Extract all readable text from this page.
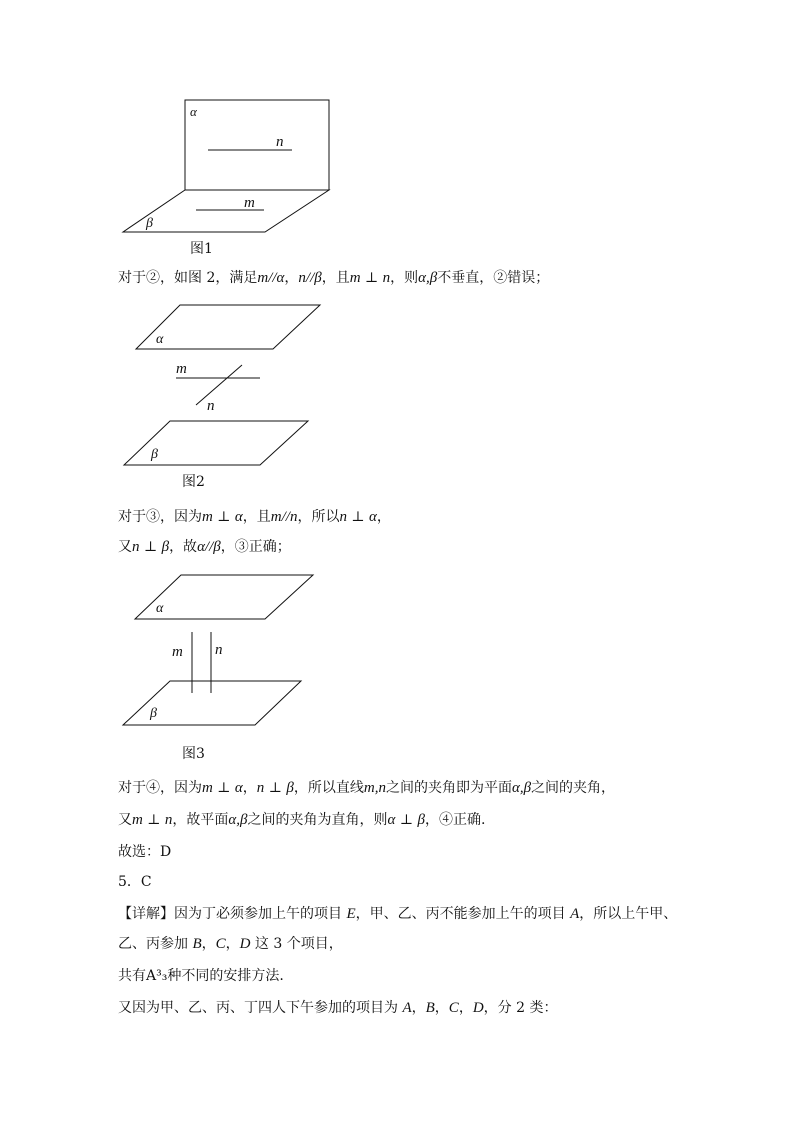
α
n
m
β
图1
对于②，如图 2，满足m//α，n//β，且m ⊥ n，则α,β不垂直，②错误；
α
m
n
β
图2
对于③，因为m ⊥ α，且m//n，所以n ⊥ α，
又n ⊥ β，故α//β，③正确；
α
m n
β
图3
对于④，因为m ⊥ α，n ⊥ β，所以直线m,n之间的夹角即为平面α,β之间的夹角，
又m ⊥ n，故平面α,β之间的夹角为直角，则α ⊥ β，④正确.
故选：D
5．C
【详解】因为丁必须参加上午的项目 E，甲、乙、丙不能参加上午的项目 A，所以上午甲、
乙、丙参加 B，C，D 这 3 个项目，
共有A³₃种不同的安排方法.
又因为甲、乙、丙、丁四人下午参加的项目为 A，B，C，D，分 2 类：
